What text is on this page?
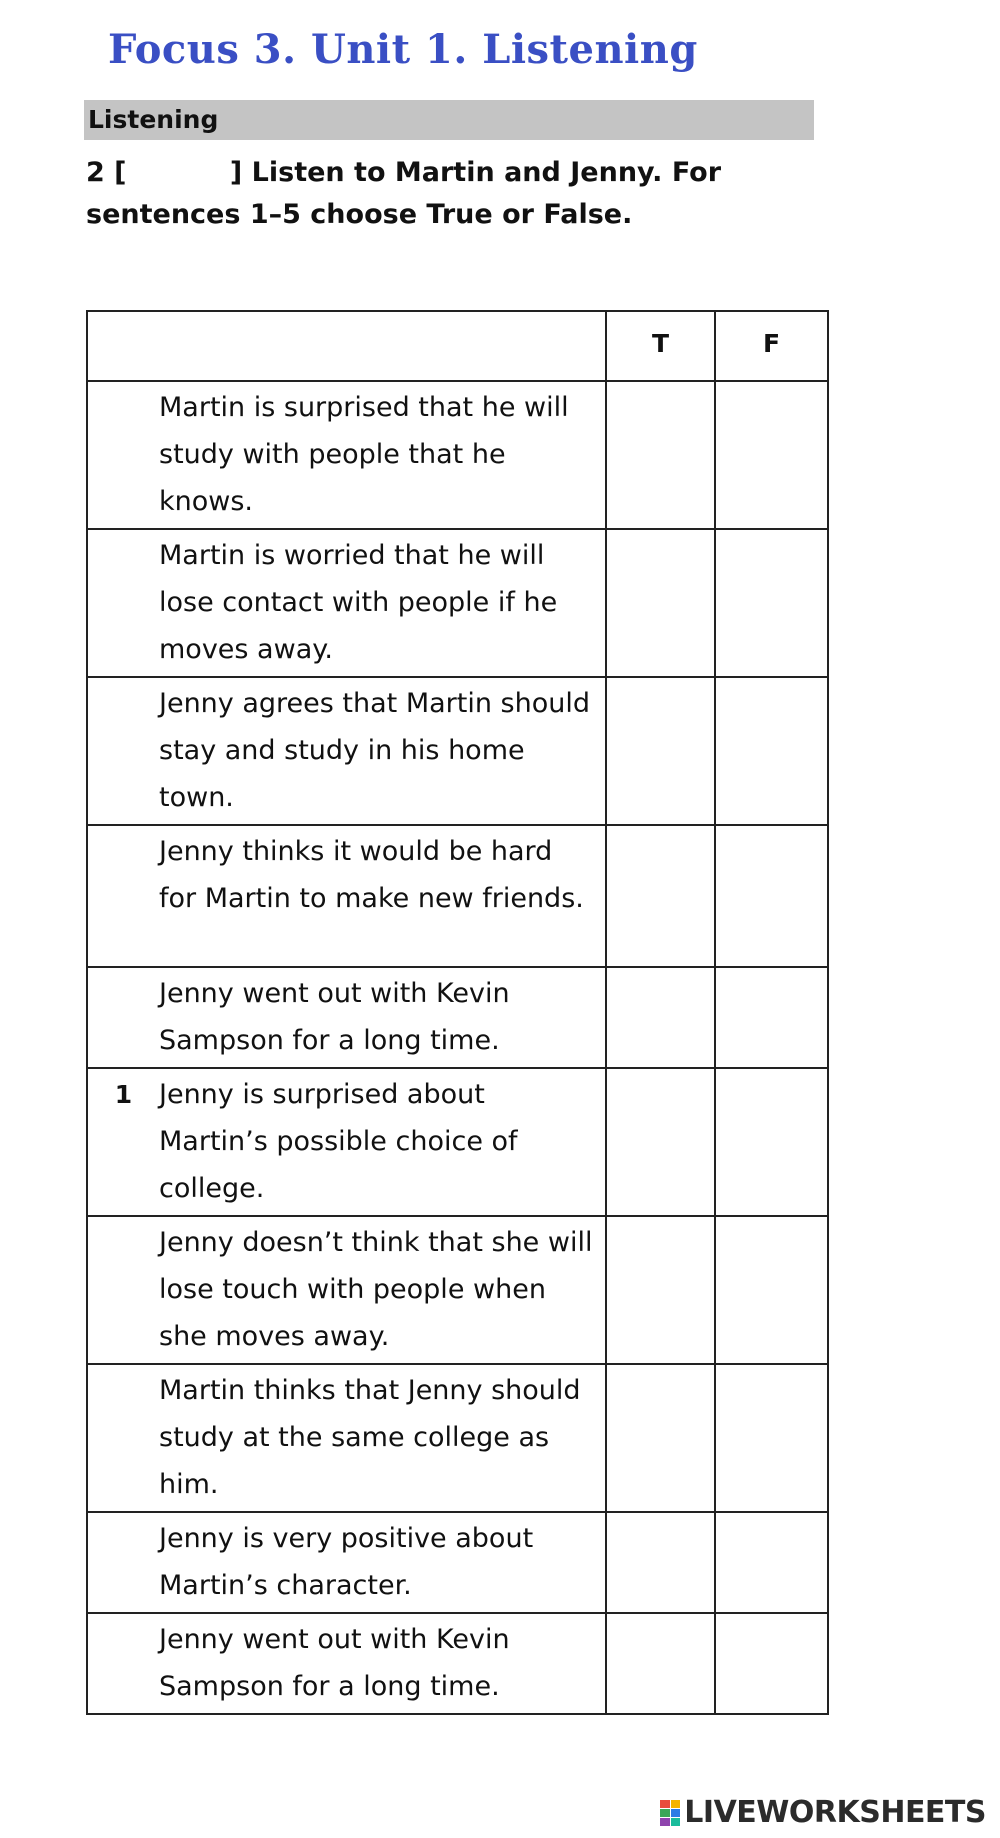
Focus 3. Unit 1. Listening
Listening
2 [           ] Listen to Martin and Jenny. For
sentences 1–5 choose True or False.
	T	F

Martin is surprised that he will study with people that he knows.		

Martin is worried that he will lose contact with people if he moves away.		

Jenny agrees that Martin should stay and study in his home town.		

Jenny thinks it would be hard for Martin to make new friends.		

Jenny went out with Kevin Sampson for a long time.		

1 Jenny is surprised about Martin’s possible choice of college.		

Jenny doesn’t think that she will lose touch with people when she moves away.		

Martin thinks that Jenny should study at the same college as him.		

Jenny is very positive about Martin’s character.		

Jenny went out with Kevin Sampson for a long time.		

LIVEWORKSHEETS
